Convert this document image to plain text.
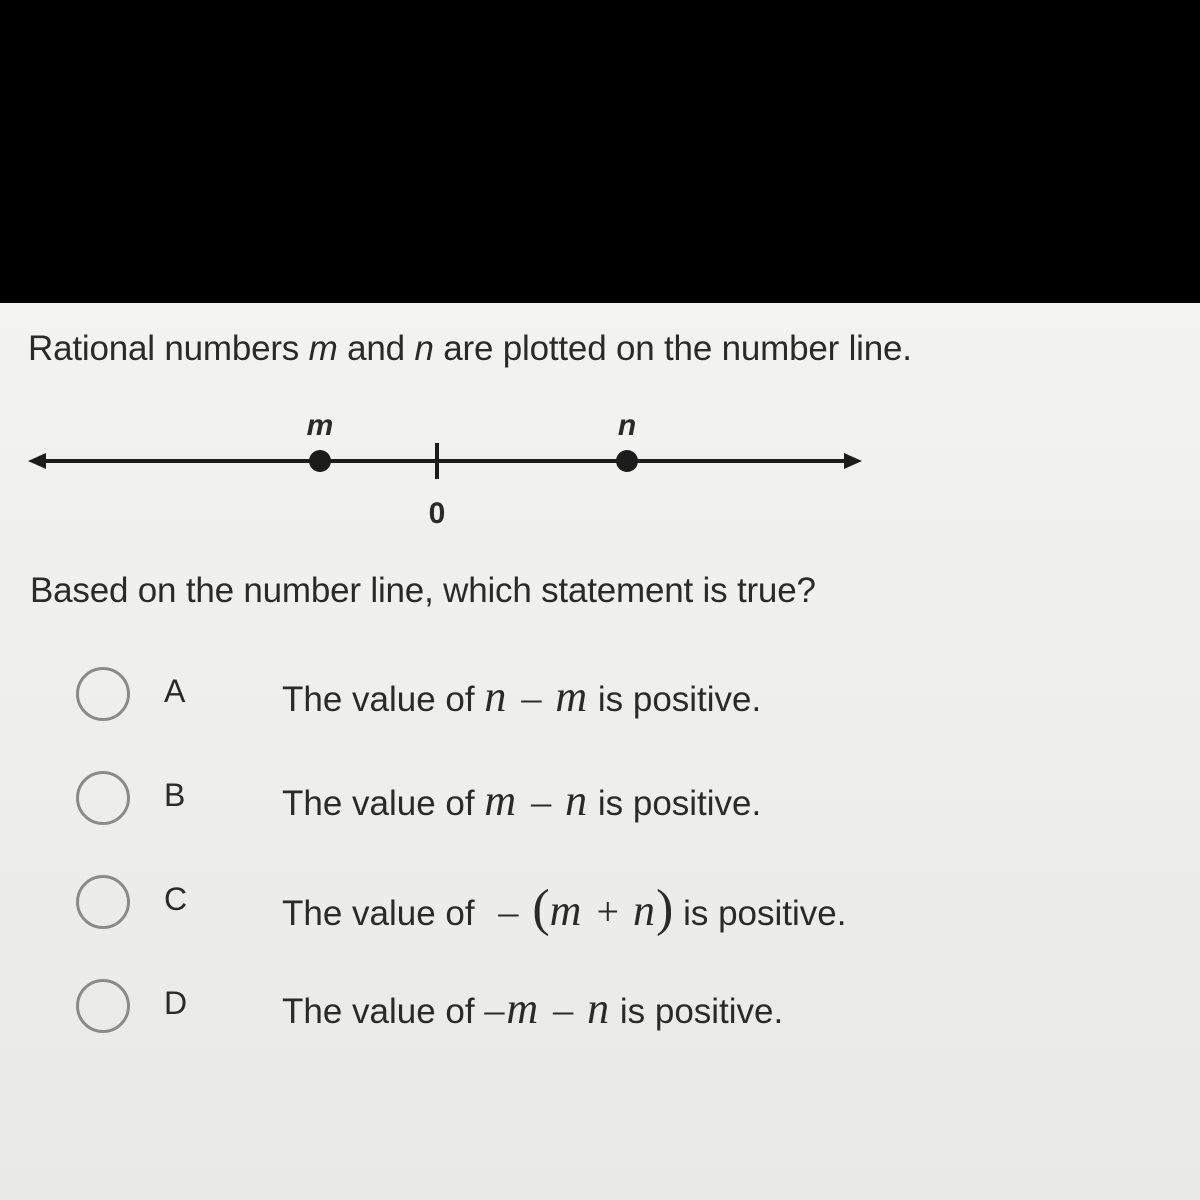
Rational numbers m and n are plotted on the number line.
m	n
0
Based on the number line, which statement is true?
A	The value of n – m is positive.
B	The value of m – n is positive.
C	The value of – (m + n) is positive.
D	The value of –m – n is positive.
